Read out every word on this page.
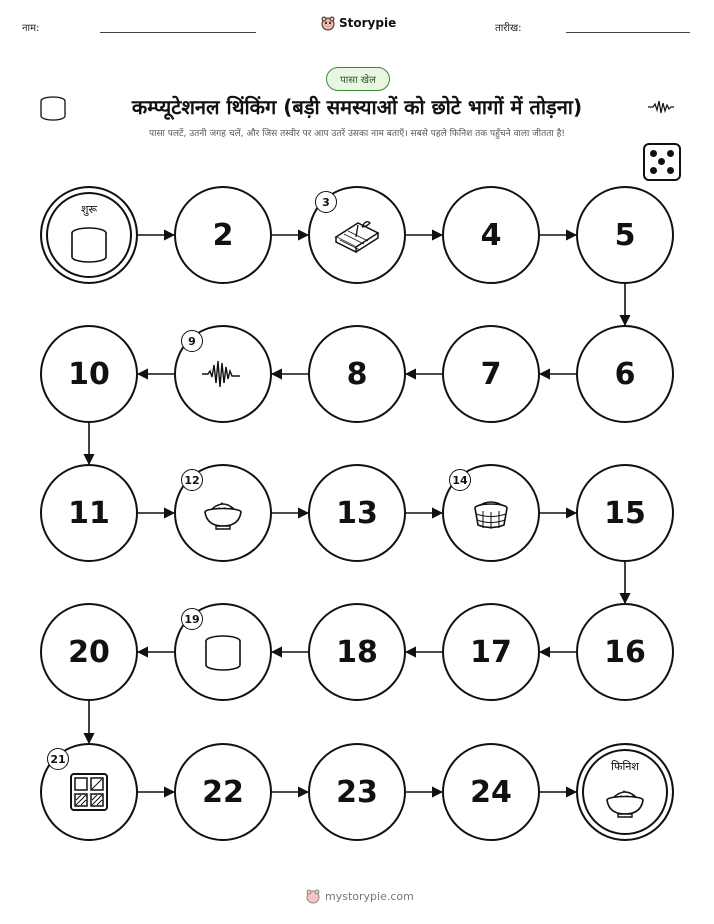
नाम:	Storypie	तारीख:
पासा खेल
कम्प्यूटेशनल थिंकिंग (बड़ी समस्याओं को छोटे भागों में तोड़ना)
पासा पलटें, उतनी जगह चलें, और जिस तस्वीर पर आप उतरें उसका नाम बताएँ। सबसे पहले फिनिश तक पहुँचने वाला जीतता है!
शुरू
2
3
4	5
6
7
8
9
10
11
12
13
14
15
16
17
18
19
20
21
22	23	24
फिनिश
mystorypie.com
